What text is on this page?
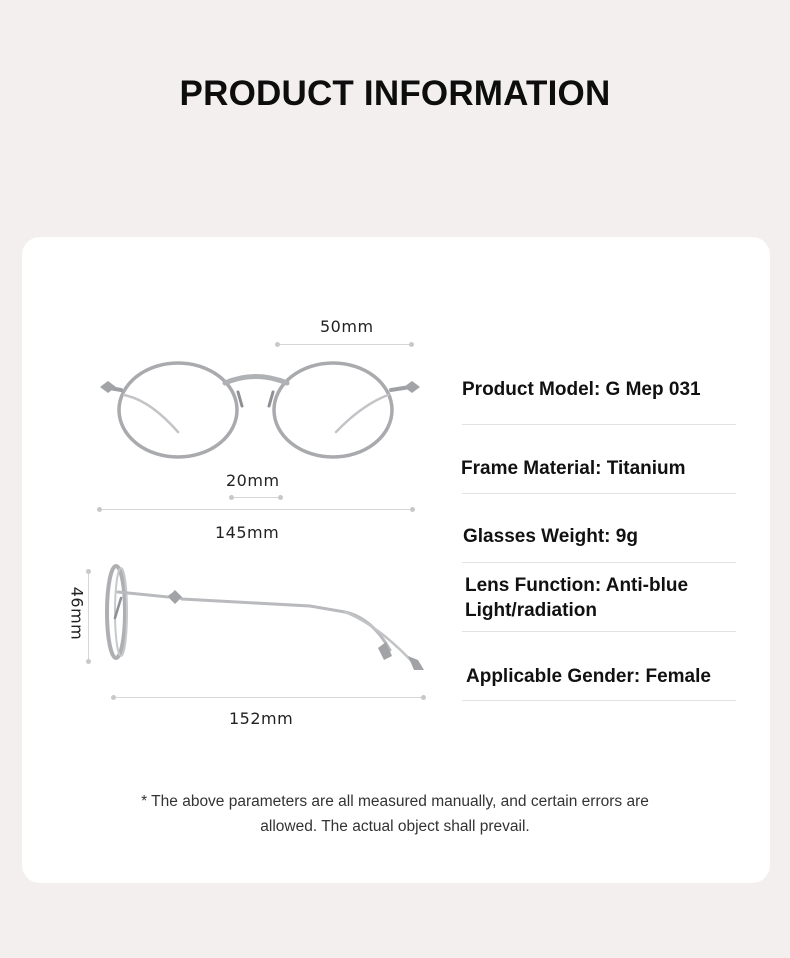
PRODUCT INFORMATION
50mm
20mm
145mm
46mm
152mm
Product Model: G Mep 031
Frame Material: Titanium
Glasses Weight: 9g
Lens Function: Anti-blue Light/radiation
Applicable Gender: Female
* The above parameters are all measured manually, and certain errors are
allowed. The actual object shall prevail.
